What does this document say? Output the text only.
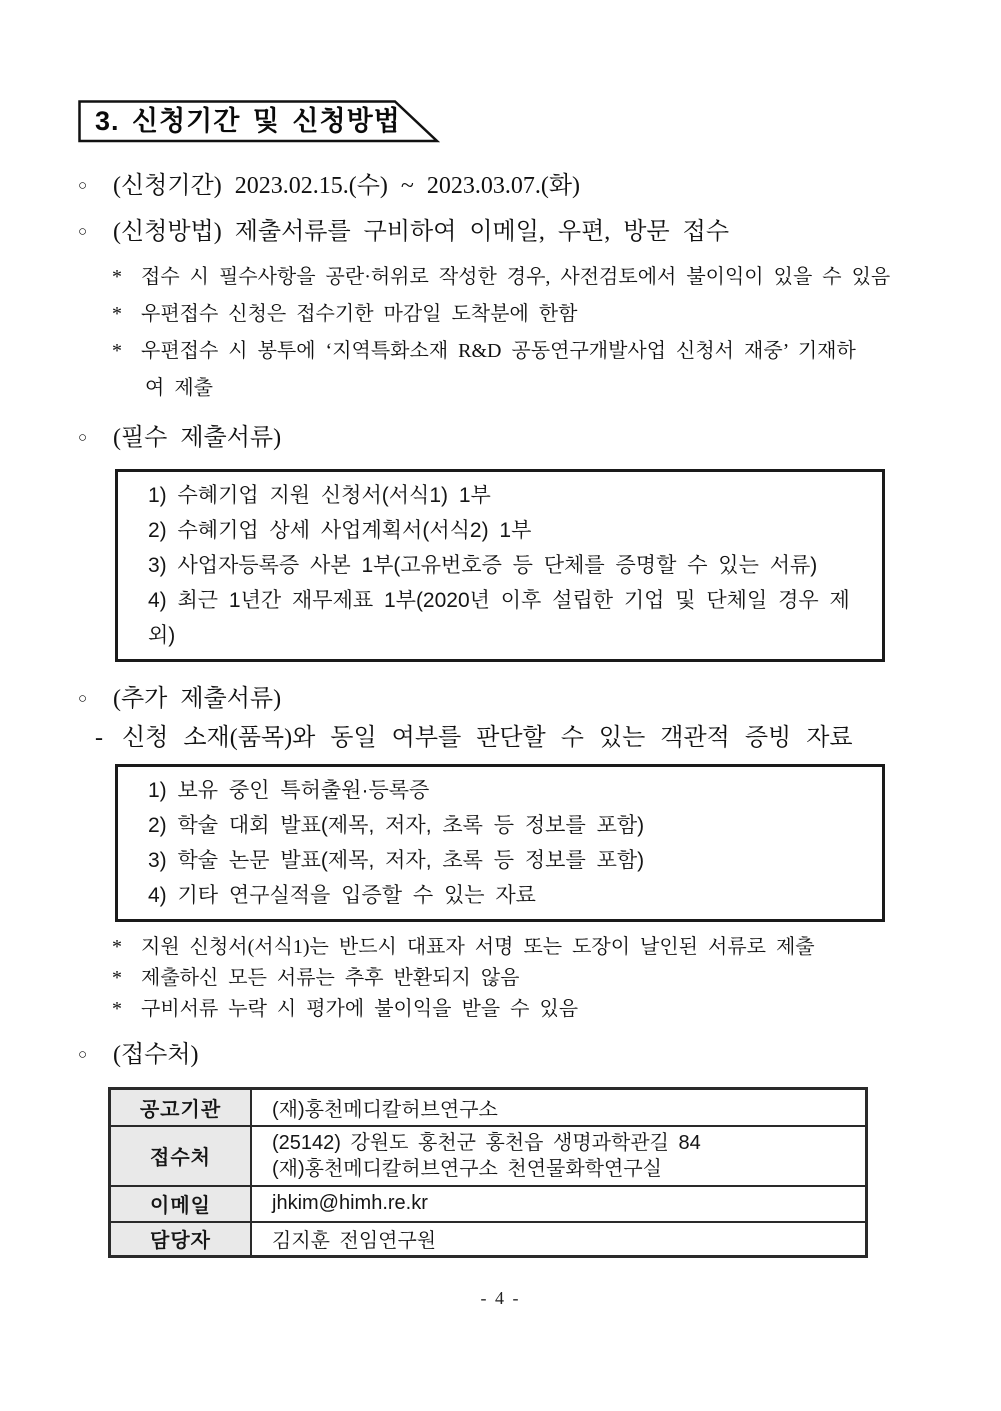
3. 신청기간 및 신청방법
○	(신청기간) 2023.02.15.(수) ~ 2023.03.07.(화)
○	(신청방법) 제출서류를 구비하여 이메일, 우편, 방문 접수
* 접수 시 필수사항을 공란·허위로 작성한 경우, 사전검토에서 불이익이 있을 수 있음
* 우편접수 신청은 접수기한 마감일 도착분에 한함
* 우편접수 시 봉투에 ‘지역특화소재 R&D 공동연구개발사업 신청서 재중’ 기재하
여 제출
○	(필수 제출서류)
1) 수혜기업 지원 신청서(서식1) 1부
2) 수혜기업 상세 사업계획서(서식2) 1부
3) 사업자등록증 사본 1부(고유번호증 등 단체를 증명할 수 있는 서류)
4) 최근 1년간 재무제표 1부(2020년 이후 설립한 기업 및 단체일 경우 제외)
○	(추가 제출서류)
- 신청 소재(품목)와 동일 여부를 판단할 수 있는 객관적 증빙 자료
1) 보유 중인 특허출원·등록증
2) 학술 대회 발표(제목, 저자, 초록 등 정보를 포함)
3) 학술 논문 발표(제목, 저자, 초록 등 정보를 포함)
4) 기타 연구실적을 입증할 수 있는 자료
* 지원 신청서(서식1)는 반드시 대표자 서명 또는 도장이 날인된 서류로 제출
* 제출하신 모든 서류는 추후 반환되지 않음
* 구비서류 누락 시 평가에 불이익을 받을 수 있음
○	(접수처)
공고기관	(재)홍천메디칼허브연구소
접수처	(25142) 강원도 홍천군 홍천읍 생명과학관길 84
(재)홍천메디칼허브연구소 천연물화학연구실

이메일	jhkim@himh.re.kr
담당자	김지훈 전임연구원
- 4 -
